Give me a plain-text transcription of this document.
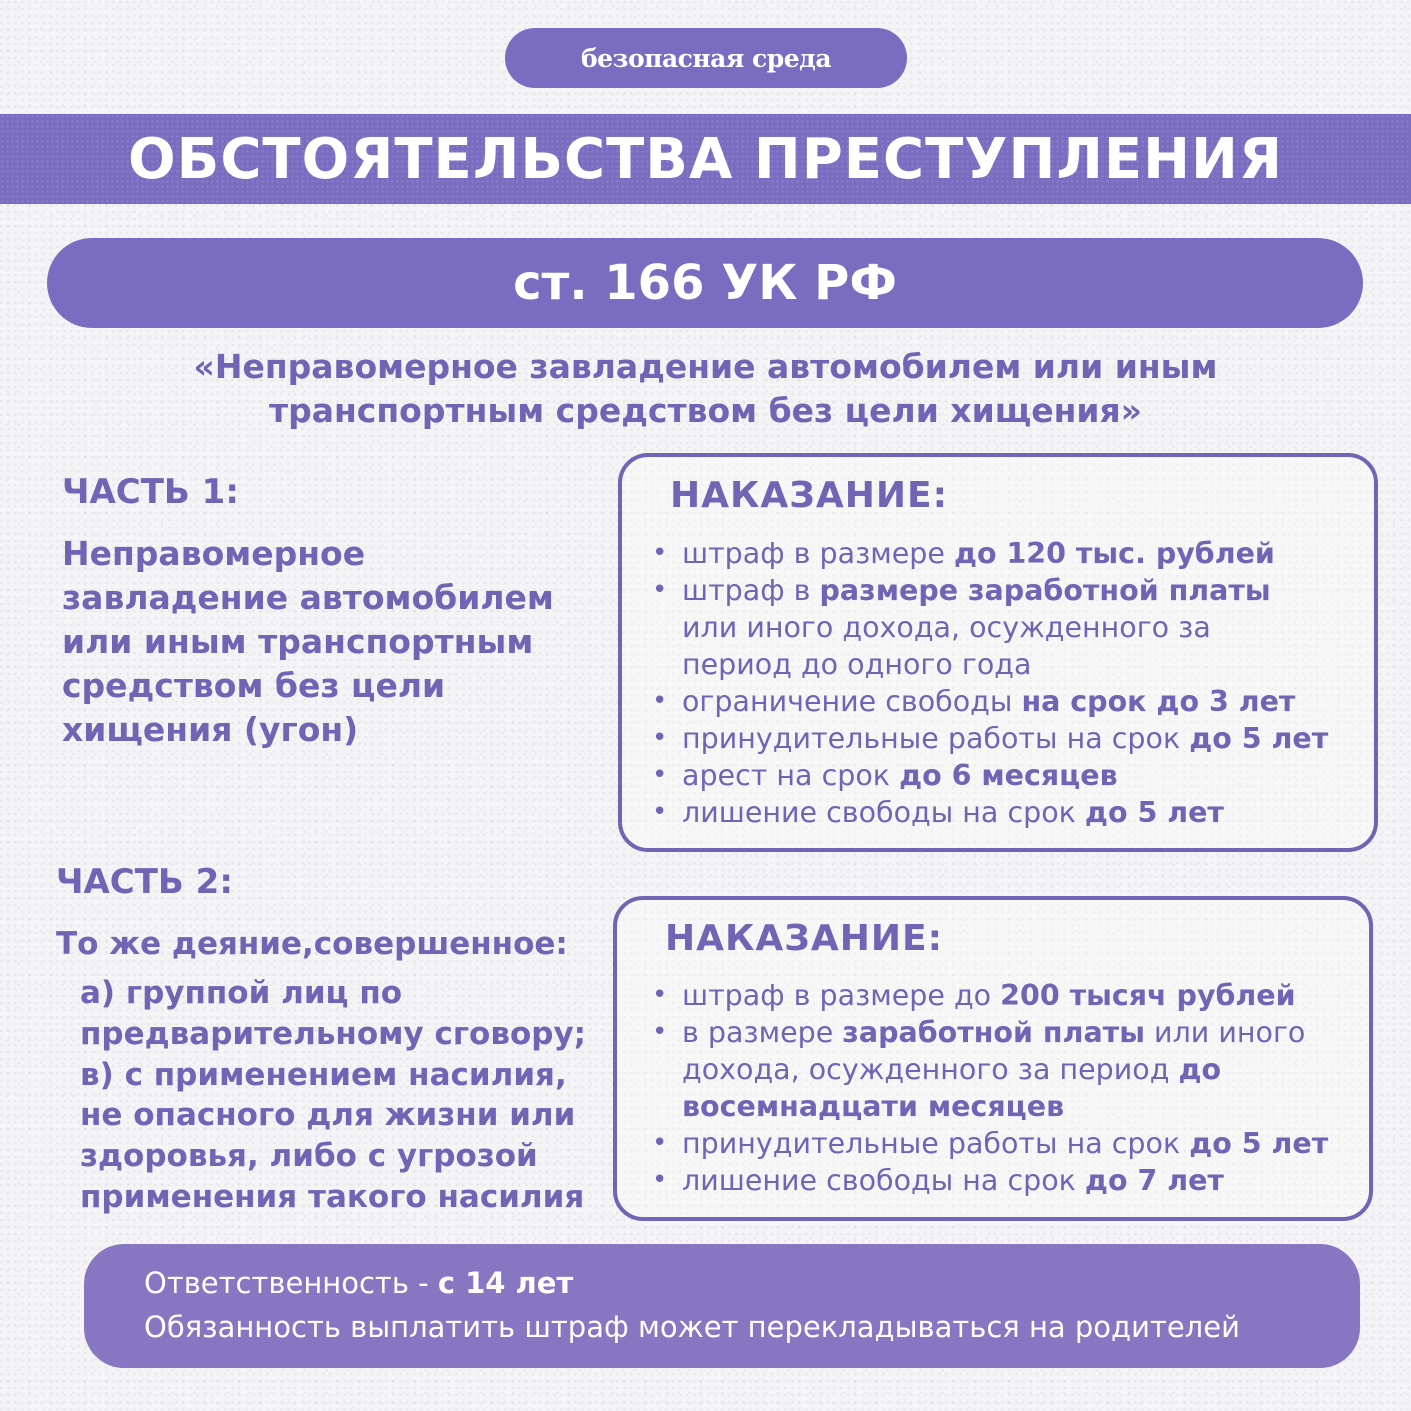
безопасная среда
ОБСТОЯТЕЛЬСТВА ПРЕСТУПЛЕНИЯ
ст. 166 УК РФ
«Неправомерное завладение автомобилем или иным
транспортным средством без цели хищения»
ЧАСТЬ 1:
Неправомерное завладение автомобилем или иным транспортным средством без цели хищения (угон)
НАКАЗАНИЕ:
• штраф в размере до 120 тыс. рублей
• штраф в размере заработной платы
или иного дохода, осужденного за
период до одного года
• ограничение свободы на срок до 3 лет
• принудительные работы на срок до 5 лет
• арест на срок до 6 месяцев
• лишение свободы на срок до 5 лет
ЧАСТЬ 2:
То же деяние,совершенное:
а) группой лиц по
предварительному сговору;
в) с применением насилия,
не опасного для жизни или
здоровья, либо с угрозой
применения такого насилия
НАКАЗАНИЕ:
• штраф в размере до 200 тысяч рублей
• в размере заработной платы или иного
дохода, осужденного за период до
восемнадцати месяцев
• принудительные работы на срок до 5 лет
• лишение свободы на срок до 7 лет
Ответственность - с 14 лет
Обязанность выплатить штраф может перекладываться на родителей
